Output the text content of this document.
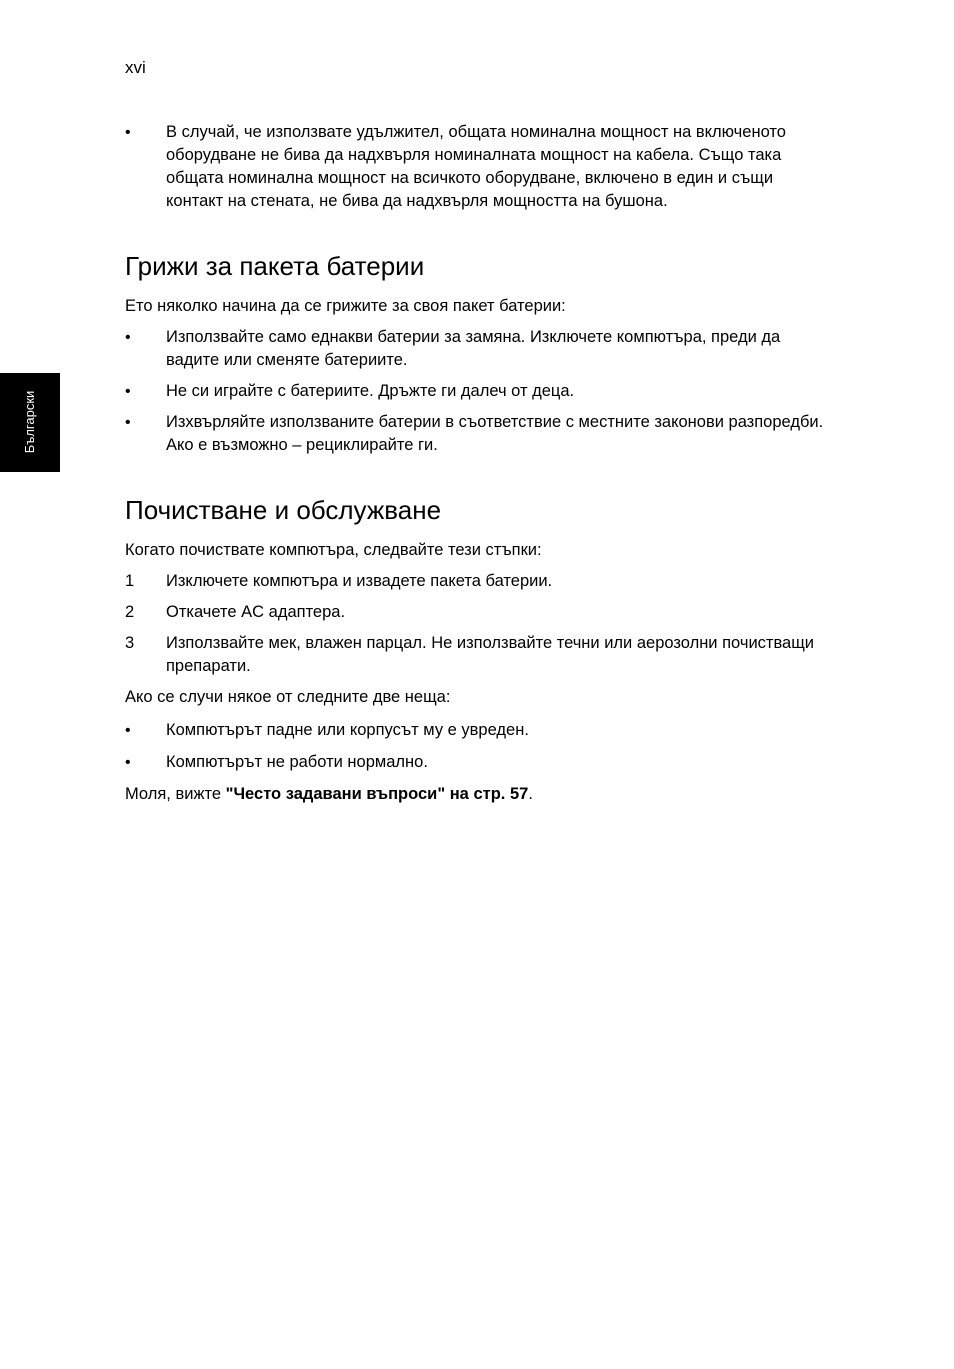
xvi
Български
•	В случай, че използвате удължител, общата номинална мощност на включеното оборудване не бива да надхвърля номиналната мощност на кабела. Също така общата номинална мощност на всичкото оборудване, включено в един и същи контакт на стената, не бива да надхвърля мощността на бушона.
Грижи за пакета батерии

Ето няколко начина да се грижите за своя пакет батерии:

•	Използвайте само еднакви батерии за замяна. Изключете компютъра, преди да вадите или сменяте батериите.
•	Не си играйте с батериите. Дръжте ги далеч от деца.
•	Изхвърляйте използваните батерии в съответствие с местните законови разпоредби. Ако е възможно – рециклирайте ги.
Почистване и обслужване

Когато почиствате компютъра, следвайте тези стъпки:

1	Изключете компютъра и извадете пакета батерии.
2	Откачете AC адаптера.
3	Използвайте мек, влажен парцал. Не използвайте течни или аерозолни почистващи препарати.

Ако се случи някое от следните две неща:

•	Компютърът падне или корпусът му е увреден.
•	Компютърът не работи нормално.

Моля, вижте "Често задавани въпроси" на стр. 57.
